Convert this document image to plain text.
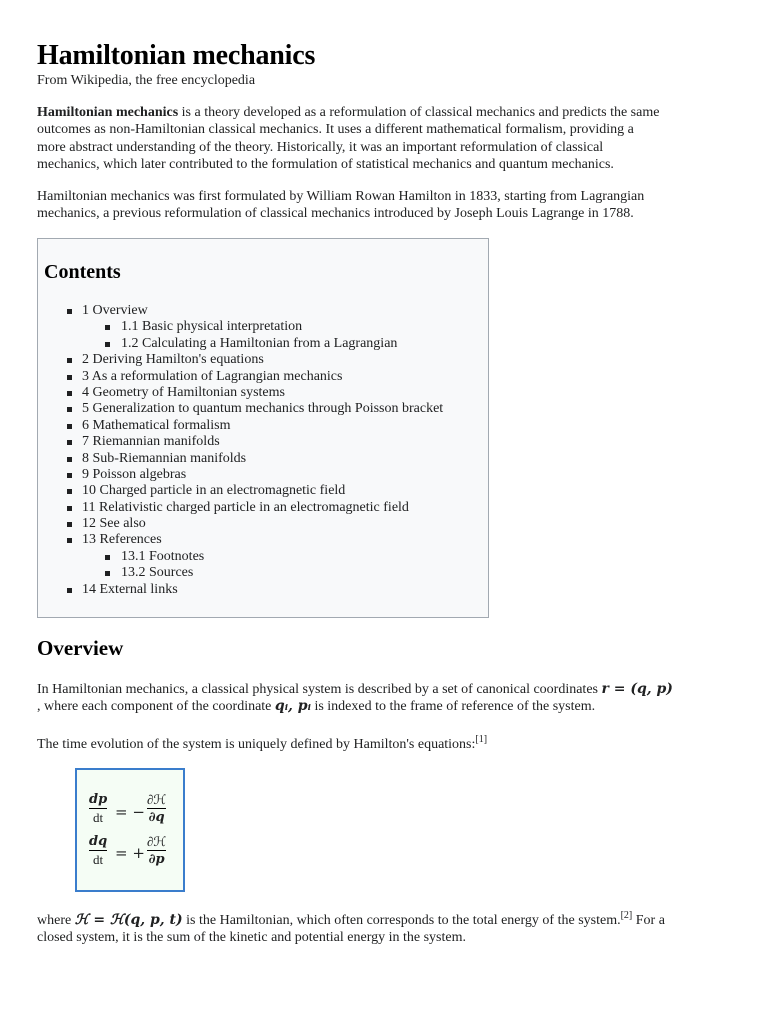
Hamiltonian mechanics
From Wikipedia, the free encyclopedia

Hamiltonian mechanics is a theory developed as a reformulation of classical mechanics and predicts the same
outcomes as non-Hamiltonian classical mechanics. It uses a different mathematical formalism, providing a
more abstract understanding of the theory. Historically, it was an important reformulation of classical
mechanics, which later contributed to the formulation of statistical mechanics and quantum mechanics.

Hamiltonian mechanics was first formulated by William Rowan Hamilton in 1833, starting from Lagrangian
mechanics, a previous reformulation of classical mechanics introduced by Joseph Louis Lagrange in 1788.

Contents
1 Overview
1.1 Basic physical interpretation
1.2 Calculating a Hamiltonian from a Lagrangian
2 Deriving Hamilton's equations
3 As a reformulation of Lagrangian mechanics
4 Geometry of Hamiltonian systems
5 Generalization to quantum mechanics through Poisson bracket
6 Mathematical formalism
7 Riemannian manifolds
8 Sub-Riemannian manifolds
9 Poisson algebras
10 Charged particle in an electromagnetic field
11 Relativistic charged particle in an electromagnetic field
12 See also
13 References
13.1 Footnotes
13.2 Sources
14 External links
Overview

In Hamiltonian mechanics, a classical physical system is described by a set of canonical coordinates r = (q, p)
, where each component of the coordinate qᵢ, pᵢ is indexed to the frame of reference of the system.

The time evolution of the system is uniquely defined by Hamilton's equations:[1]

dp
dt = −
∂ℋ
∂q
dq
dt = +
∂ℋ
∂p

where ℋ = ℋ(q, p, t) is the Hamiltonian, which often corresponds to the total energy of the system.[2] For a
closed system, it is the sum of the kinetic and potential energy in the system.
